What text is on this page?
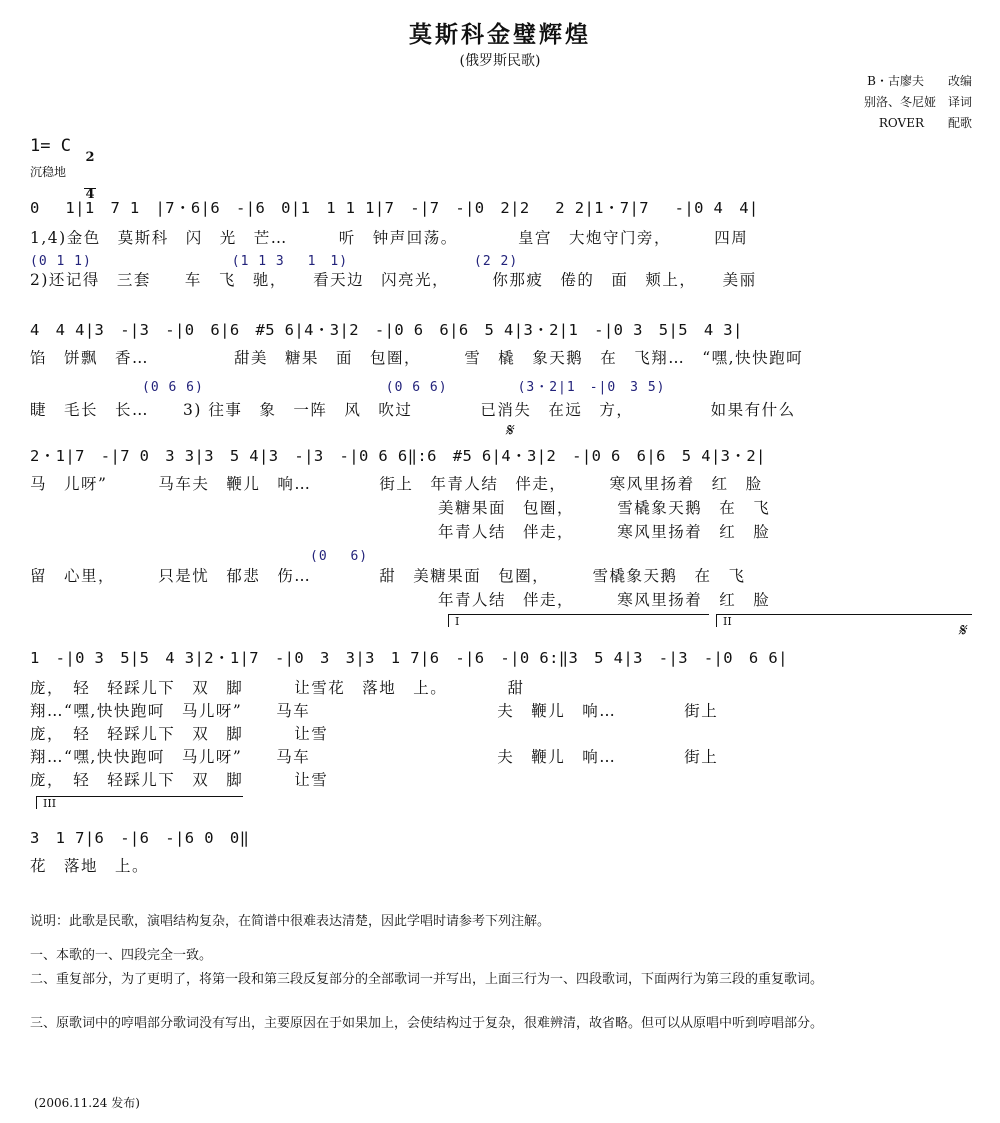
莫斯科金璧辉煌
(俄罗斯民歌)
B・古廖夫　　改编
别洛、冬尼娅　译词
ROVER　　配歌
1= C

2

4

沉稳地
0　 1|1　7 1　|7・6|6　-|6　0|1　1 1 1|7　-|7　-|0　2|2　 2 2|1・7|7　 -|0 4　4|
1,4)金色　莫斯科　闪　光　芒…　　　听　钟声回荡。　　　　皇宫　大炮守门旁，　　　四周
(0 1 1)　　　　　　　　　　(1 1 3　 1　1)　　　　　　　　　(2 2)
2)还记得　三套　　车　飞　驰，　　看天边　闪亮光，　　　你那疲　倦的　面　颊上，　　美丽
4　4 4|3　-|3　-|0　6|6　#5 6|4・3|2　-|0 6　6|6　5 4|3・2|1　-|0 3　5|5　4 3|
馅　饼飘　香…　　　　　甜美　糖果　面　包圈，　　　雪　橇　象天鹅　在　飞翔…　“嘿,快快跑呵
　　　　　　　　(0 6 6)　　　　　　　　　　　　　(0 6 6)　　　　　(3・2|1　-|0　3 5)
睫　毛长　长…　　3) 往事　象　一阵　风　吹过　　　　已消失　在远　方，　　　　　如果有什么
𝄋
2・1|7　-|7 0　3 3|3　5 4|3　-|3　-|0 6 6‖:6　#5 6|4・3|2　-|0 6　6|6　5 4|3・2|
马　儿呀”　　　马车夫　鞭儿　响…　　　　街上　年青人结　伴走，　　　寒风里扬着　红　脸
　　　　　　　　　　　　　　　　　　　　　　　　美糖果面　包圈，　　　雪橇象天鹅　在　飞
　　　　　　　　　　　　　　　　　　　　　　　　年青人结　伴走，　　　寒风里扬着　红　脸
　　　　　　　　　　　　　　　　　　　　(0　 6)
留　心里，　　　只是忧　郁悲　伤…　　　　甜　美糖果面　包圈，　　　雪橇象天鹅　在　飞
　　　　　　　　　　　　　　　　　　　　　　　　年青人结　伴走，　　　寒风里扬着　红　脸

I

	II	𝄋
1　-|0 3　5|5　4 3|2・1|7　-|0　3　3|3　1 7|6　-|6　-|0 6:‖3　5 4|3　-|3　-|0　6 6|
庞，　轻　轻踩儿下　双　脚　　　让雪花　落地　上。　　　　甜
翔…“嘿,快快跑呵　马儿呀”　　马车　　　　　　　　　　　夫　鞭儿　响…　　　　街上
庞，　轻　轻踩儿下　双　脚　　　让雪
翔…“嘿,快快跑呵　马儿呀”　　马车　　　　　　　　　　　夫　鞭儿　响…　　　　街上
庞，　轻　轻踩儿下　双　脚　　　让雪

III

3　1 7|6　-|6　-|6 0　0‖
花　落地　上。
说明：此歌是民歌，演唱结构复杂，在简谱中很难表达清楚，因此学唱时请参考下列注解。
一、本歌的一、四段完全一致。
二、重复部分，为了更明了，将第一段和第三段反复部分的全部歌词一并写出，上面三行为一、四段歌词，下面两行为第三段的重复歌词。
三、原歌词中的哼唱部分歌词没有写出，主要原因在于如果加上，会使结构过于复杂，很难辨清，故省略。但可以从原唱中听到哼唱部分。
(2006.11.24 发布)
